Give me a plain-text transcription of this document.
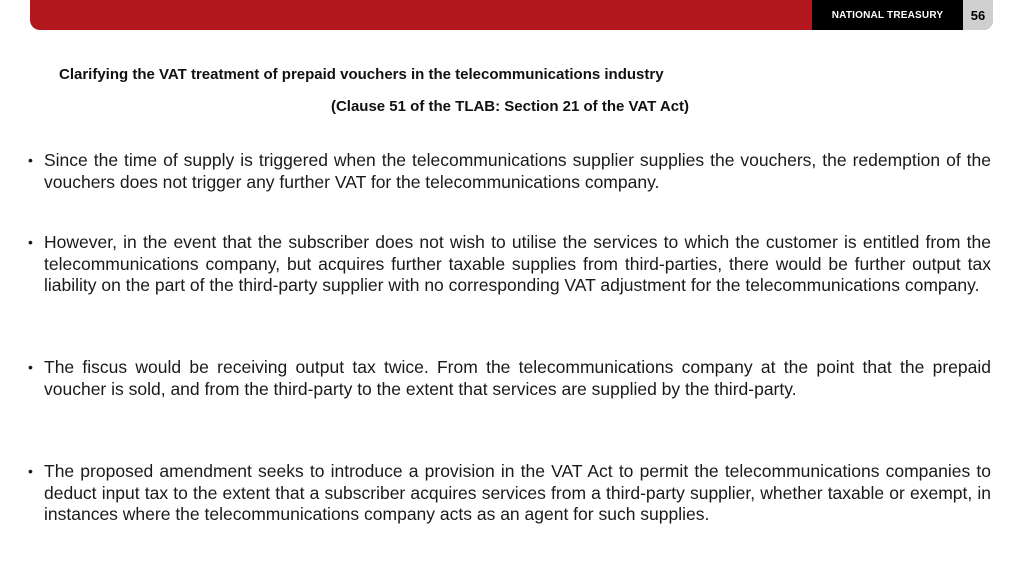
NATIONAL TREASURY	56
Clarifying the VAT treatment of prepaid vouchers in the telecommunications industry
(Clause 51 of the TLAB: Section 21 of the VAT Act)
• Since the time of supply is triggered when the telecommunications supplier supplies the vouchers, the redemption of the vouchers does not trigger any further VAT for the telecommunications company.
• However, in the event that the subscriber does not wish to utilise the services to which the customer is entitled from the telecommunications company, but acquires further taxable supplies from third-parties, there would be further output tax liability on the part of the third-party supplier with no corresponding VAT adjustment for the telecommunications company.
• The fiscus would be receiving output tax twice. From the telecommunications company at the point that the prepaid voucher is sold, and from the third-party to the extent that services are supplied by the third-party.
• The proposed amendment seeks to introduce a provision in the VAT Act to permit the telecommunications companies to deduct input tax to the extent that a subscriber acquires services from a third-party supplier, whether taxable or exempt, in instances where the telecommunications company acts as an agent for such supplies.
